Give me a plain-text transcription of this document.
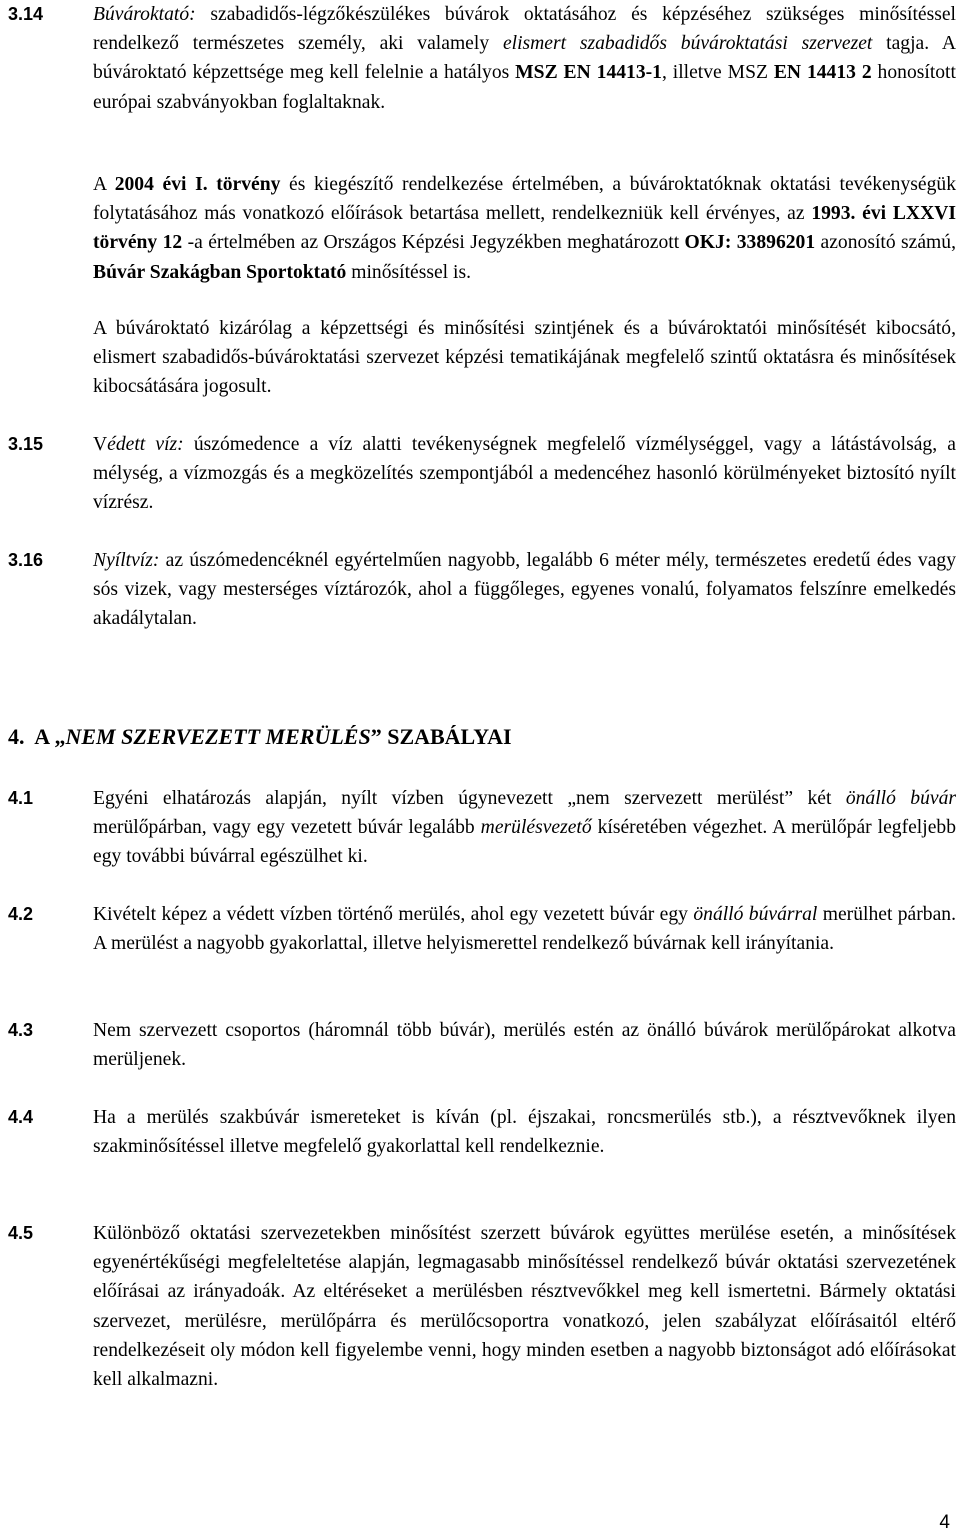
3.14	Búvároktató: szabadidős-légzőkészülékes búvárok oktatásához és képzéséhez szükséges minősítéssel rendelkező természetes személy, aki valamely elismert szabadidős búvároktatási szervezet tagja. A búvároktató képzettsége meg kell felelnie a hatályos MSZ EN 14413-1, illetve MSZ EN 14413 2 honosított európai szabványokban foglaltaknak.
A 2004 évi I. törvény és kiegészítő rendelkezése értelmében, a búvároktatóknak oktatási tevékenységük folytatásához más vonatkozó előírások betartása mellett, rendelkezniük kell érvényes, az 1993. évi LXXVI törvény 12 -a értelmében az Országos Képzési Jegyzékben meghatározott OKJ: 33896201 azonosító számú, Búvár Szakágban Sportoktató minősítéssel is.
A búvároktató kizárólag a képzettségi és minősítési szintjének és a búvároktatói minősítését kibocsátó, elismert szabadidős-búvároktatási szervezet képzési tematikájának megfelelő szintű oktatásra és minősítések kibocsátására jogosult.
3.15	Védett víz: úszómedence a víz alatti tevékenységnek megfelelő vízmélységgel, vagy a látástávolság, a mélység, a vízmozgás és a megközelítés szempontjából a medencéhez hasonló körülményeket biztosító nyílt vízrész.
3.16	Nyíltvíz: az úszómedencéknél egyértelműen nagyobb, legalább 6 méter mély, természetes eredetű édes vagy sós vizek, vagy mesterséges víztározók, ahol a függőleges, egyenes vonalú, folyamatos felszínre emelkedés akadálytalan.
4.  A „NEM SZERVEZETT MERÜLÉS” SZABÁLYAI
4.1	Egyéni elhatározás alapján, nyílt vízben úgynevezett „nem szervezett merülést” két önálló búvár merülőpárban, vagy egy vezetett búvár legalább merülésvezető kíséretében végezhet. A merülőpár legfeljebb egy további búvárral egészülhet ki.
4.2	Kivételt képez a védett vízben történő merülés, ahol egy vezetett búvár egy önálló búvárral merülhet párban. A merülést a nagyobb gyakorlattal, illetve helyismerettel rendelkező búvárnak kell irányítania.
4.3	Nem szervezett csoportos (háromnál több búvár), merülés estén az önálló búvárok merülőpárokat alkotva merüljenek.
4.4	Ha a merülés szakbúvár ismereteket is kíván (pl. éjszakai, roncsmerülés stb.), a résztvevőknek ilyen szakminősítéssel illetve megfelelő gyakorlattal kell rendelkeznie.
4.5	Különböző oktatási szervezetekben minősítést szerzett búvárok együttes merülése esetén, a minősítések egyenértékűségi megfeleltetése alapján, legmagasabb minősítéssel rendelkező búvár oktatási szervezetének előírásai az irányadoák. Az eltéréseket a merülésben résztvevőkkel meg kell ismertetni. Bármely oktatási szervezet, merülésre, merülőpárra és merülőcsoportra vonatkozó, jelen szabályzat előírásaitól eltérő rendelkezéseit oly módon kell figyelembe venni, hogy minden esetben a nagyobb biztonságot adó előírásokat kell alkalmazni.
4
